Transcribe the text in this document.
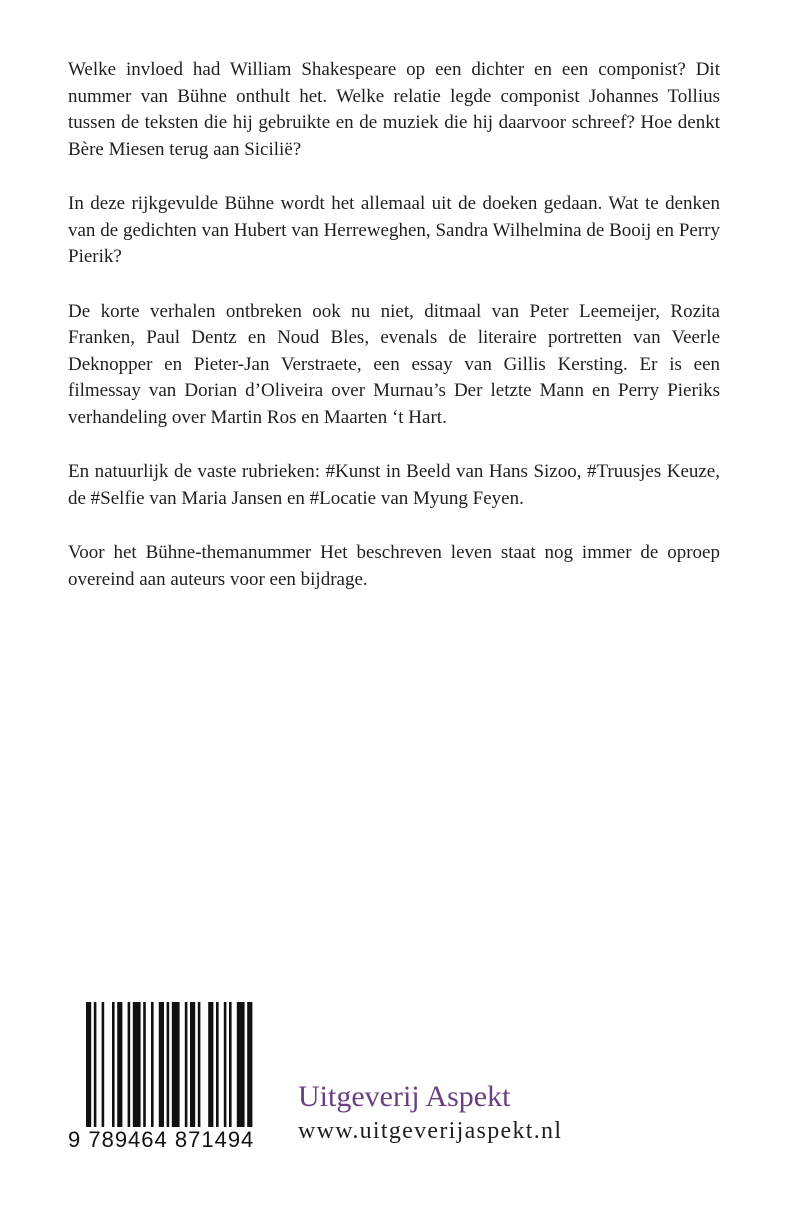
Welke invloed had William Shakespeare op een dichter en een componist? Dit nummer van Bühne onthult het. Welke relatie legde componist Johannes Tollius tussen de teksten die hij gebruikte en de muziek die hij daarvoor schreef? Hoe denkt Bère Miesen terug aan Sicilië?

In deze rijkgevulde Bühne wordt het allemaal uit de doeken gedaan. Wat te denken van de gedichten van Hubert van Herreweghen, Sandra Wilhelmina de Booij en Perry Pierik?

De korte verhalen ontbreken ook nu niet, ditmaal van Peter Leemeijer, Rozita Franken, Paul Dentz en Noud Bles, evenals de literaire portretten van Veerle Deknopper en Pieter-Jan Verstraete, een essay van Gillis Kersting. Er is een filmessay van Dorian d’Oliveira over Murnau’s Der letzte Mann en Perry Pieriks verhandeling over Martin Ros en Maarten ‘t Hart.

En natuurlijk de vaste rubrieken: #Kunst in Beeld van Hans Sizoo, #Truusjes Keuze, de #Selfie van Maria Jansen en #Locatie van Myung Feyen.

Voor het Bühne-themanummer Het beschreven leven staat nog immer de oproep overeind aan auteurs voor een bijdrage.

9 789464 871494
Uitgeverij Aspekt
www.uitgeverijaspekt.nl
